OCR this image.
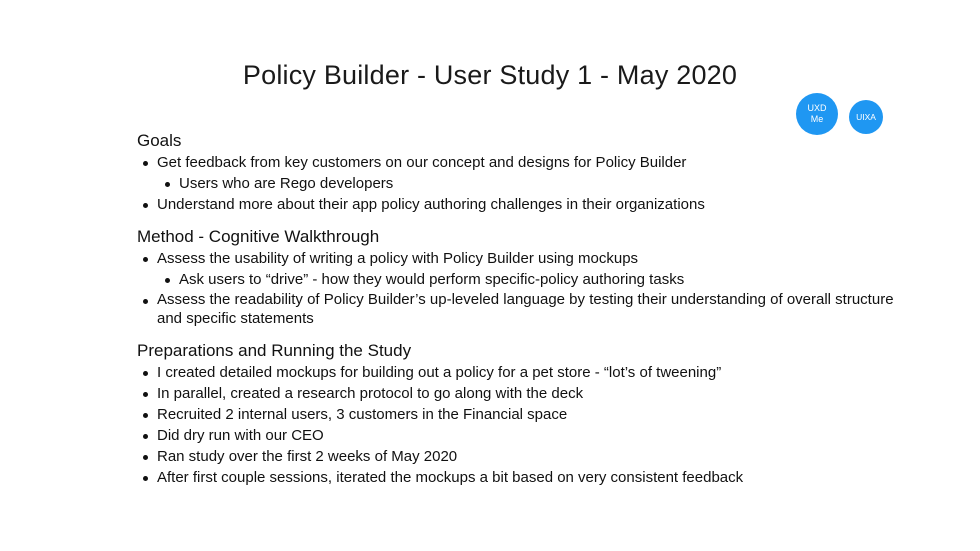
Policy Builder - User Study 1 - May 2020
UXD
Me	UIXA
Goals
Get feedback from key customers on our concept and designs for Policy Builder
Users who are Rego developers
Understand more about their app policy authoring challenges in their organizations
Method - Cognitive Walkthrough
Assess the usability of writing a policy with Policy Builder using mockups
Ask users to “drive” - how they would perform specific-policy authoring tasks
Assess the readability of Policy Builder’s up-leveled language by testing their understanding of overall structure and specific statements
Preparations and Running the Study
I created detailed mockups for building out a policy for a pet store - “lot’s of tweening”
In parallel, created a research protocol to go along with the deck
Recruited 2 internal users, 3 customers in the Financial space
Did dry run with our CEO
Ran study over the first 2 weeks of May 2020
After first couple sessions, iterated the mockups a bit based on very consistent feedback
